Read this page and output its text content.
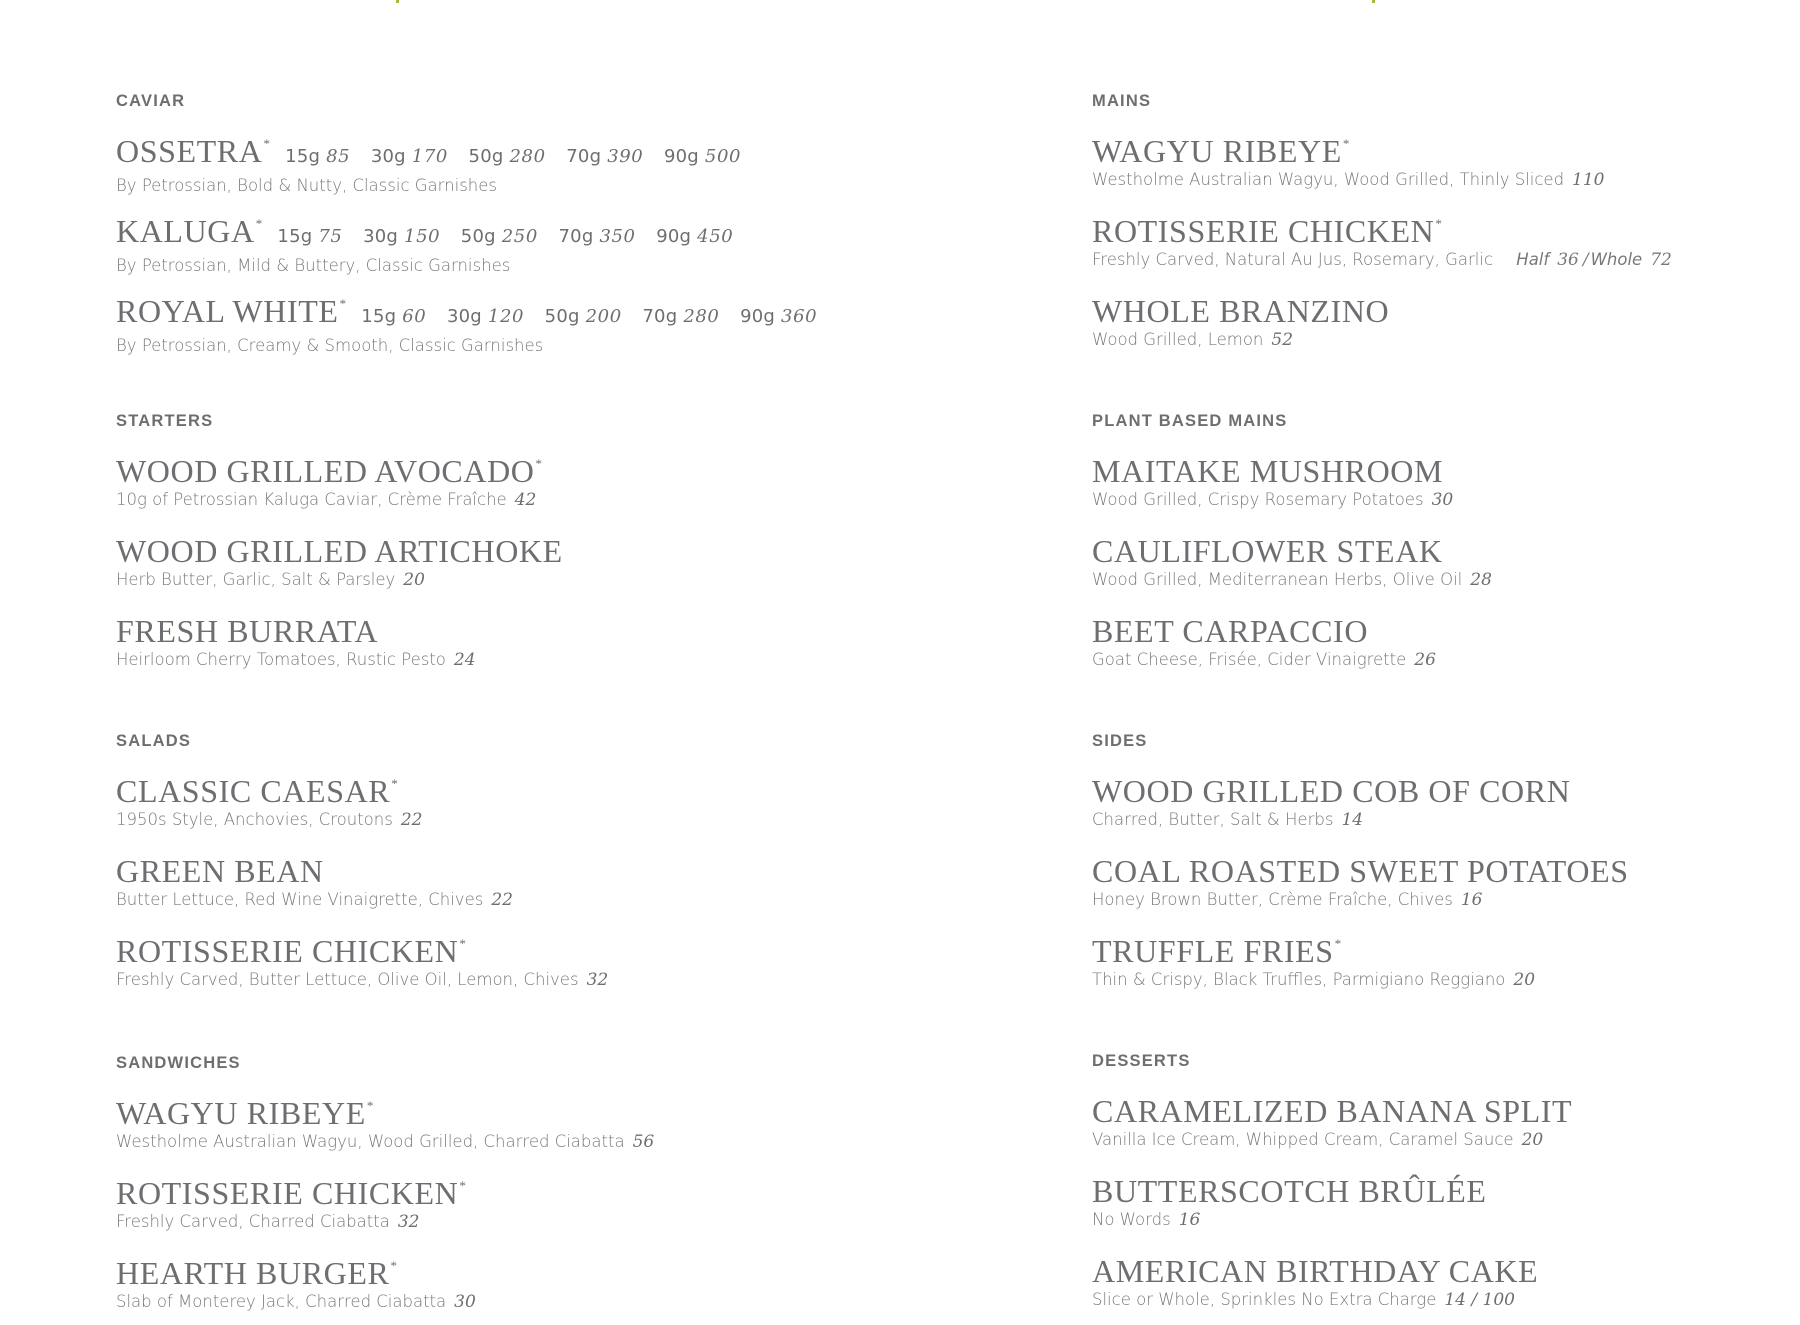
CAVIAR
OSSETRA* 15g 85 30g 170 50g 280 70g 390 90g 500
By Petrossian, Bold & Nutty, Classic Garnishes
KALUGA* 15g 75 30g 150 50g 250 70g 350 90g 450
By Petrossian, Mild & Buttery, Classic Garnishes
ROYAL WHITE* 15g 60 30g 120 50g 200 70g 280 90g 360
By Petrossian, Creamy & Smooth, Classic Garnishes
STARTERS
WOOD GRILLED AVOCADO*
10g of Petrossian Kaluga Caviar, Crème Fraîche 42
WOOD GRILLED ARTICHOKE
Herb Butter, Garlic, Salt & Parsley 20
FRESH BURRATA
Heirloom Cherry Tomatoes, Rustic Pesto 24
SALADS
CLASSIC CAESAR*
1950s Style, Anchovies, Croutons 22
GREEN BEAN
Butter Lettuce, Red Wine Vinaigrette, Chives 22
ROTISSERIE CHICKEN*
Freshly Carved, Butter Lettuce, Olive Oil, Lemon, Chives 32
SANDWICHES
WAGYU RIBEYE*
Westholme Australian Wagyu, Wood Grilled, Charred Ciabatta 56
ROTISSERIE CHICKEN*
Freshly Carved, Charred Ciabatta 32
HEARTH BURGER*
Slab of Monterey Jack, Charred Ciabatta 30
MAINS
WAGYU RIBEYE*
Westholme Australian Wagyu, Wood Grilled, Thinly Sliced 110
ROTISSERIE CHICKEN*
Freshly Carved, Natural Au Jus, Rosemary, Garlic Half 36 / Whole 72
WHOLE BRANZINO
Wood Grilled, Lemon 52
PLANT BASED MAINS
MAITAKE MUSHROOM
Wood Grilled, Crispy Rosemary Potatoes 30
CAULIFLOWER STEAK
Wood Grilled, Mediterranean Herbs, Olive Oil 28
BEET CARPACCIO
Goat Cheese, Frisée, Cider Vinaigrette 26
SIDES
WOOD GRILLED COB OF CORN
Charred, Butter, Salt & Herbs 14
COAL ROASTED SWEET POTATOES
Honey Brown Butter, Crème Fraîche, Chives 16
TRUFFLE FRIES*
Thin & Crispy, Black Truffles, Parmigiano Reggiano 20
DESSERTS
CARAMELIZED BANANA SPLIT
Vanilla Ice Cream, Whipped Cream, Caramel Sauce 20
BUTTERSCOTCH BRÛLÉE
No Words 16
AMERICAN BIRTHDAY CAKE
Slice or Whole, Sprinkles No Extra Charge 14 / 100
